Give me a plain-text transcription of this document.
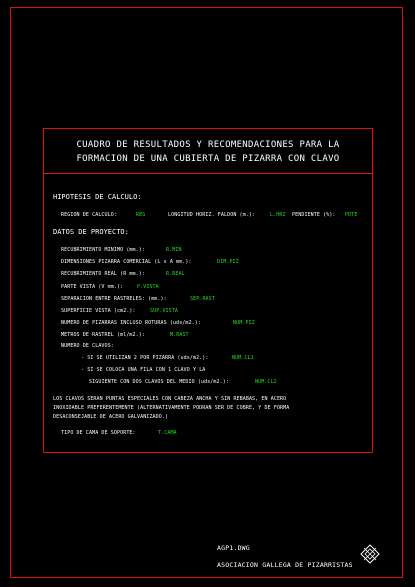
CUADRO DE RESULTADOS Y RECOMENDACIONES PARA LA
FORMACION DE UNA CUBIERTA DE PIZARRA CON CLAVO
HIPOTESIS DE CALCULO:
REGION DE CALCULO:	REG	LONGITUD HORIZ. FALDON (m.):	L.HRZ PENDIENTE (%): PDTE
DATOS DE PROYECTO:
RECUBRIMIENTO MINIMO (mm.):	R.MIN
DIMENSIONES PIZARRA COMERCIAL (L x A mm.):	DIM.PIZ
RECUBRIMIENTO REAL (R mm.):	R.REAL
PARTE VISTA (V mm.):	P.VISTA
SEPARACION ENTRE RASTRELES: (mm.):	SEP.RAST
SUPERFICIE VISTA (cm2.):	SUP.VISTA
NUMERO DE PIZARRAS INCLUSO ROTURAS (uds/m2.):	NUM.PIZ
METROS DE RASTREL (ml/m2.):	M.RAST
NUMERO DE CLAVOS:
- SI SE UTILIZAN 2 POR PIZARRA (uds/m2.):	NUM.CL1
- SI SE COLOCA UNA FILA CON 1 CLAVO Y LA
SIGUIENTE CON DOS CLAVOS DEL MEDIO (uds/m2.):	NUM.CL2
LOS CLAVOS SERAN PUNTAS ESPECIALES CON CABEZA ANCHA Y SIN REBABAS, EN ACERO
INOXIDABLE PREFERENTEMENTE (ALTERNATIVAMENTE PODRAN SER DE COBRE, Y DE FORMA
DESACONSEJABLE DE ACERO GALVANIZADO.)
TIPO DE CAMA DE SOPORTE:	T.CAMA
AGP1.DWG
ASOCIACION GALLEGA DE PIZARRISTAS
